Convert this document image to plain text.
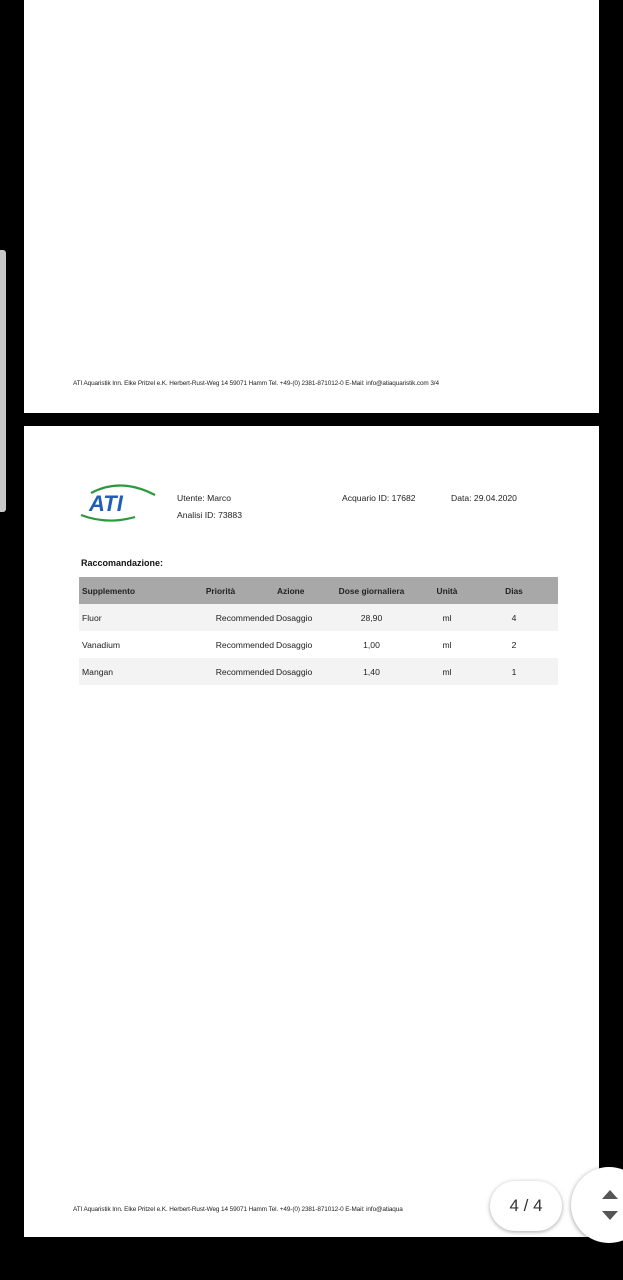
ATI Aquaristik Inn. Elke Pritzel e.K. Herbert-Rust-Weg 14 59071 Hamm Tel. +49-(0) 2381-871012-0 E-Mail: info@atiaquaristik.com 3/4
ATI	Utente: Marco
Analisi ID: 73883
Acquario ID: 17682	Data: 29.04.2020
Raccomandazione:
Supplemento	Priorità	Azione	Dose giornaliera	Unità	Dias
Fluor	Recommended	Dosaggio	28,90	ml	4
Vanadium	Recommended	Dosaggio	1,00	ml	2
Mangan	Recommended	Dosaggio	1,40	ml	1
ATI Aquaristik Inn. Elke Pritzel e.K. Herbert-Rust-Weg 14 59071 Hamm Tel. +49-(0) 2381-871012-0 E-Mail: info@atiaqua	4 / 4
